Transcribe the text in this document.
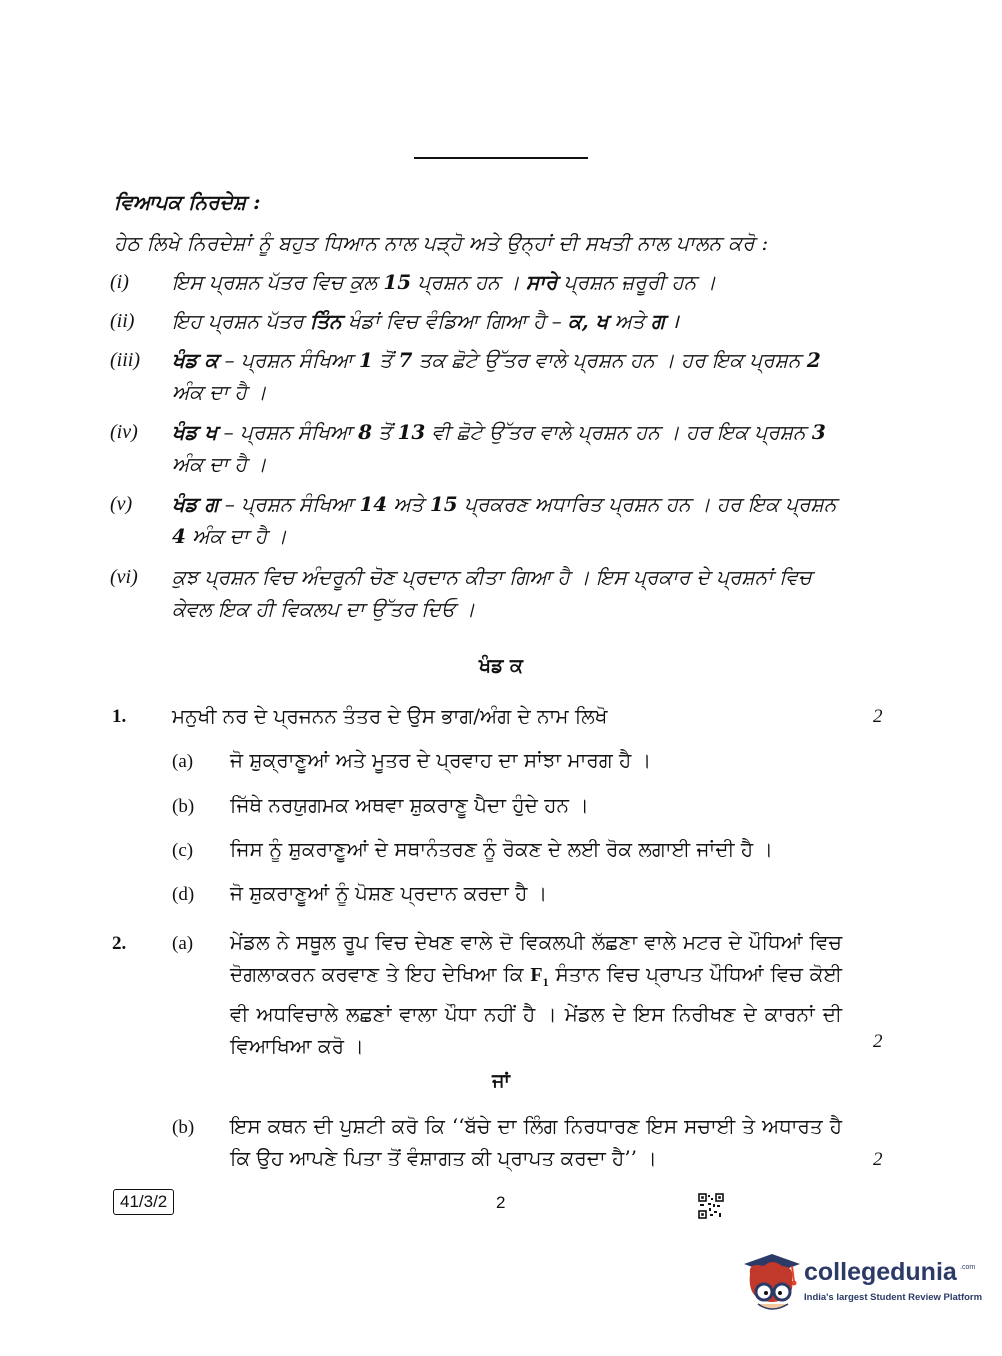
ਵਿਆਪਕ ਨਿਰਦੇਸ਼ :
ਹੇਠ ਲਿਖੇ ਨਿਰਦੇਸ਼ਾਂ ਨੂੰ ਬਹੁਤ ਧਿਆਨ ਨਾਲ ਪੜ੍ਹੋ ਅਤੇ ਉਨ੍ਹਾਂ ਦੀ ਸਖਤੀ ਨਾਲ ਪਾਲਨ ਕਰੋ :
(i) ਇਸ ਪ੍ਰਸ਼ਨ ਪੱਤਰ ਵਿਚ ਕੁਲ 15 ਪ੍ਰਸ਼ਨ ਹਨ । ਸਾਰੇ ਪ੍ਰਸ਼ਨ ਜ਼ਰੂਰੀ ਹਨ ।
(ii) ਇਹ ਪ੍ਰਸ਼ਨ ਪੱਤਰ ਤਿੰਨ ਖੰਡਾਂ ਵਿਚ ਵੰਡਿਆ ਗਿਆ ਹੈ – ਕ, ਖ ਅਤੇ ਗ ।
(iii) ਖੰਡ ਕ – ਪ੍ਰਸ਼ਨ ਸੰਖਿਆ 1 ਤੋਂ 7 ਤਕ ਛੋਟੇ ਉੱਤਰ ਵਾਲੇ ਪ੍ਰਸ਼ਨ ਹਨ । ਹਰ ਇਕ ਪ੍ਰਸ਼ਨ 2 ਅੰਕ ਦਾ ਹੈ ।
(iv) ਖੰਡ ਖ – ਪ੍ਰਸ਼ਨ ਸੰਖਿਆ 8 ਤੋਂ 13 ਵੀ ਛੋਟੇ ਉੱਤਰ ਵਾਲੇ ਪ੍ਰਸ਼ਨ ਹਨ । ਹਰ ਇਕ ਪ੍ਰਸ਼ਨ 3 ਅੰਕ ਦਾ ਹੈ ।
(v) ਖੰਡ ਗ – ਪ੍ਰਸ਼ਨ ਸੰਖਿਆ 14 ਅਤੇ 15 ਪ੍ਰਕਰਣ ਅਧਾਰਿਤ ਪ੍ਰਸ਼ਨ ਹਨ । ਹਰ ਇਕ ਪ੍ਰਸ਼ਨ 4 ਅੰਕ ਦਾ ਹੈ ।
(vi) ਕੁਝ ਪ੍ਰਸ਼ਨ ਵਿਚ ਅੰਦਰੂਨੀ ਚੋਣ ਪ੍ਰਦਾਨ ਕੀਤਾ ਗਿਆ ਹੈ । ਇਸ ਪ੍ਰਕਾਰ ਦੇ ਪ੍ਰਸ਼ਨਾਂ ਵਿਚ ਕੇਵਲ ਇਕ ਹੀ ਵਿਕਲਪ ਦਾ ਉੱਤਰ ਦਿਓ ।
ਖੰਡ ਕ
1. ਮਨੁਖੀ ਨਰ ਦੇ ਪ੍ਰਜਨਨ ਤੰਤਰ ਦੇ ਉਸ ਭਾਗ/ਅੰਗ ਦੇ ਨਾਮ ਲਿਖੋ	2
(a) ਜੋ ਸ਼ੁਕ੍ਰਾਣੂਆਂ ਅਤੇ ਮੂਤਰ ਦੇ ਪ੍ਰਵਾਹ ਦਾ ਸਾਂਝਾ ਮਾਰਗ ਹੈ ।
(b) ਜਿੱਥੇ ਨਰਯੁਗਮਕ ਅਥਵਾ ਸ਼ੁਕਰਾਣੂ ਪੈਦਾ ਹੁੰਦੇ ਹਨ ।
(c) ਜਿਸ ਨੂੰ ਸ਼ੁਕਰਾਣੂਆਂ ਦੇ ਸਥਾਨੰਤਰਣ ਨੂੰ ਰੋਕਣ ਦੇ ਲਈ ਰੋਕ ਲਗਾਈ ਜਾਂਦੀ ਹੈ ।
(d) ਜੋ ਸ਼ੁਕਰਾਣੂਆਂ ਨੂੰ ਪੋਸ਼ਣ ਪ੍ਰਦਾਨ ਕਰਦਾ ਹੈ ।
2. (a) ਮੇਂਡਲ ਨੇ ਸਥੂਲ ਰੂਪ ਵਿਚ ਦੇਖਣ ਵਾਲੇ ਦੋ ਵਿਕਲਪੀ ਲੱਛਣਾ ਵਾਲੇ ਮਟਰ ਦੇ ਪੌਧਿਆਂ ਵਿਚ ਦੋਗਲਾਕਰਨ ਕਰਵਾਣ ਤੇ ਇਹ ਦੇਖਿਆ ਕਿ $F_1$ ਸੰਤਾਨ ਵਿਚ ਪ੍ਰਾਪਤ ਪੌਧਿਆਂ ਵਿਚ ਕੋਈ ਵੀ ਅਧਵਿਚਾਲੇ ਲਛਣਾਂ ਵਾਲਾ ਪੌਧਾ ਨਹੀਂ ਹੈ । ਮੇਂਡਲ ਦੇ ਇਸ ਨਿਰੀਖਣ ਦੇ ਕਾਰਨਾਂ ਦੀ ਵਿਆਖਿਆ ਕਰੋ ।	2
ਜਾਂ
(b) ਇਸ ਕਥਨ ਦੀ ਪੁਸ਼ਟੀ ਕਰੋ ਕਿ ‘‘ਬੱਚੇ ਦਾ ਲਿੰਗ ਨਿਰਧਾਰਣ ਇਸ ਸਚਾਈ ਤੇ ਅਧਾਰਤ ਹੈ ਕਿ ਉਹ ਆਪਣੇ ਪਿਤਾ ਤੋਂ ਵੰਸ਼ਾਗਤ ਕੀ ਪ੍ਰਾਪਤ ਕਰਦਾ ਹੈ’’ ।	2
41/3/2	2
collegedunia .com
India's largest Student Review Platform
